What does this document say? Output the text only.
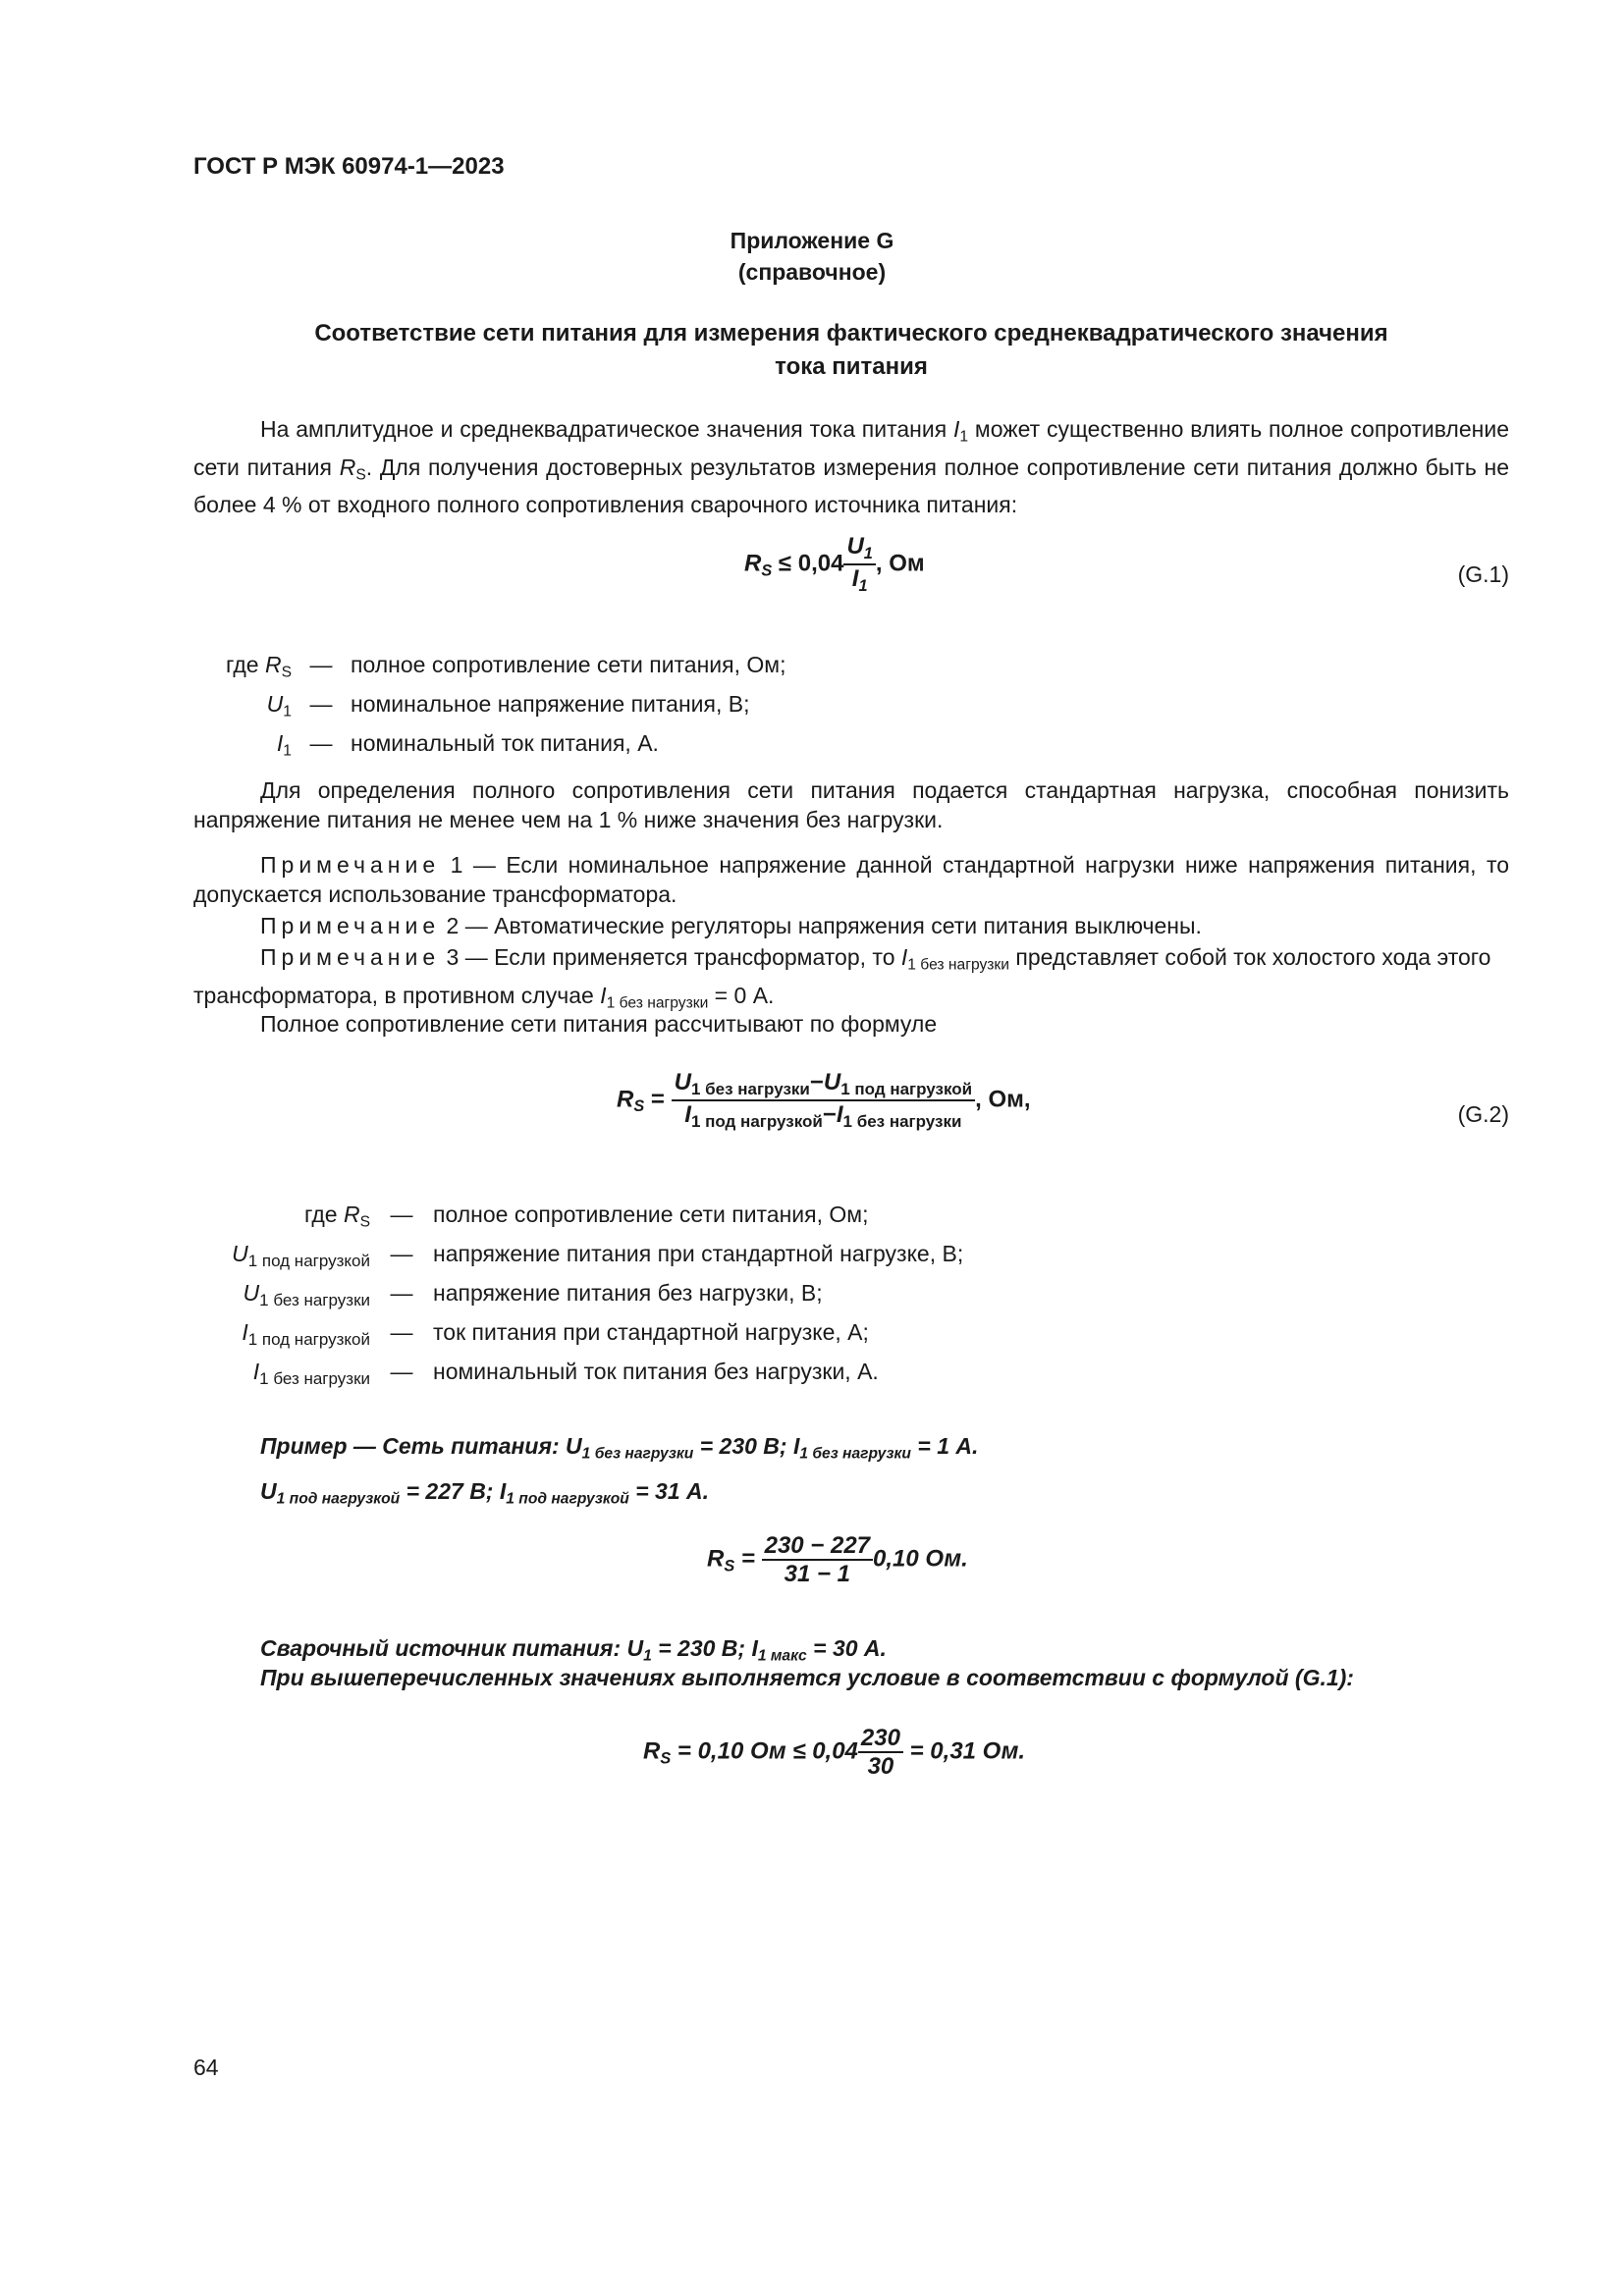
ГОСТ Р МЭК 60974-1—2023
Приложение G
(справочное)
Соответствие сети питания для измерения фактического среднеквадратического значения
тока питания
На амплитудное и среднеквадратическое значения тока питания $I_1$ может существенно влиять полное сопротивление сети питания $R_S$. Для получения достоверных результатов измерения полное сопротивление сети питания должно быть не более 4 % от входного полного сопротивления сварочного источника питания:
$R_S \le 0,04 \frac{U_1}{I_1}$ , Ом	(G.1)
где $R_S$ — полное сопротивление сети питания, Ом;
$U_1$ — номинальное напряжение питания, В;
$I_1$ — номинальный ток питания, А.
Для определения полного сопротивления сети питания подается стандартная нагрузка, способная понизить напряжение питания не менее чем на 1 % ниже значения без нагрузки.
Примечание 1 — Если номинальное напряжение данной стандартной нагрузки ниже напряжения питания, то допускается использование трансформатора.
Примечание 2 — Автоматические регуляторы напряжения сети питания выключены.
Примечание 3 — Если применяется трансформатор, то $I_{1 без нагрузки}$ представляет собой ток холостого хода этого трансформатора, в противном случае $I_{1 без нагрузки} = 0$ А.
Полное сопротивление сети питания рассчитывают по формуле
$R_S = \frac{U_{1 без нагрузки}-U_{1 под нагрузкой}}{I_{1 под нагрузкой}-I_{1 без нагрузки}}$ , Ом,
(G.2)
где $R_S$ — полное сопротивление сети питания, Ом;
$U_{1 под нагрузкой}$ — напряжение питания при стандартной нагрузке, В;
$U_{1 без нагрузки}$ — напряжение питания без нагрузки, В;
$I_{1 под нагрузкой}$ — ток питания при стандартной нагрузке, А;
$I_{1 без нагрузки}$ — номинальный ток питания без нагрузки, А.
Пример — Сеть питания: $U_{1 без нагрузки} = 230$ В; $I_{1 без нагрузки} = 1$ А.
$U_{1 под нагрузкой} = 227$ В; $I_{1 под нагрузкой} = 31$ А.
$R_S = \frac{230 - 227}{31 - 1} 0,10$ Ом.
Сварочный источник питания: $U_1 = 230$ В; $I_{1 макс} = 30$ А.
При вышеперечисленных значениях выполняется условие в соответствии с формулой (G.1):
$R_S = 0,10$ Ом ≤ $0,04 \frac{230}{30} = 0,31$ Ом.
64
